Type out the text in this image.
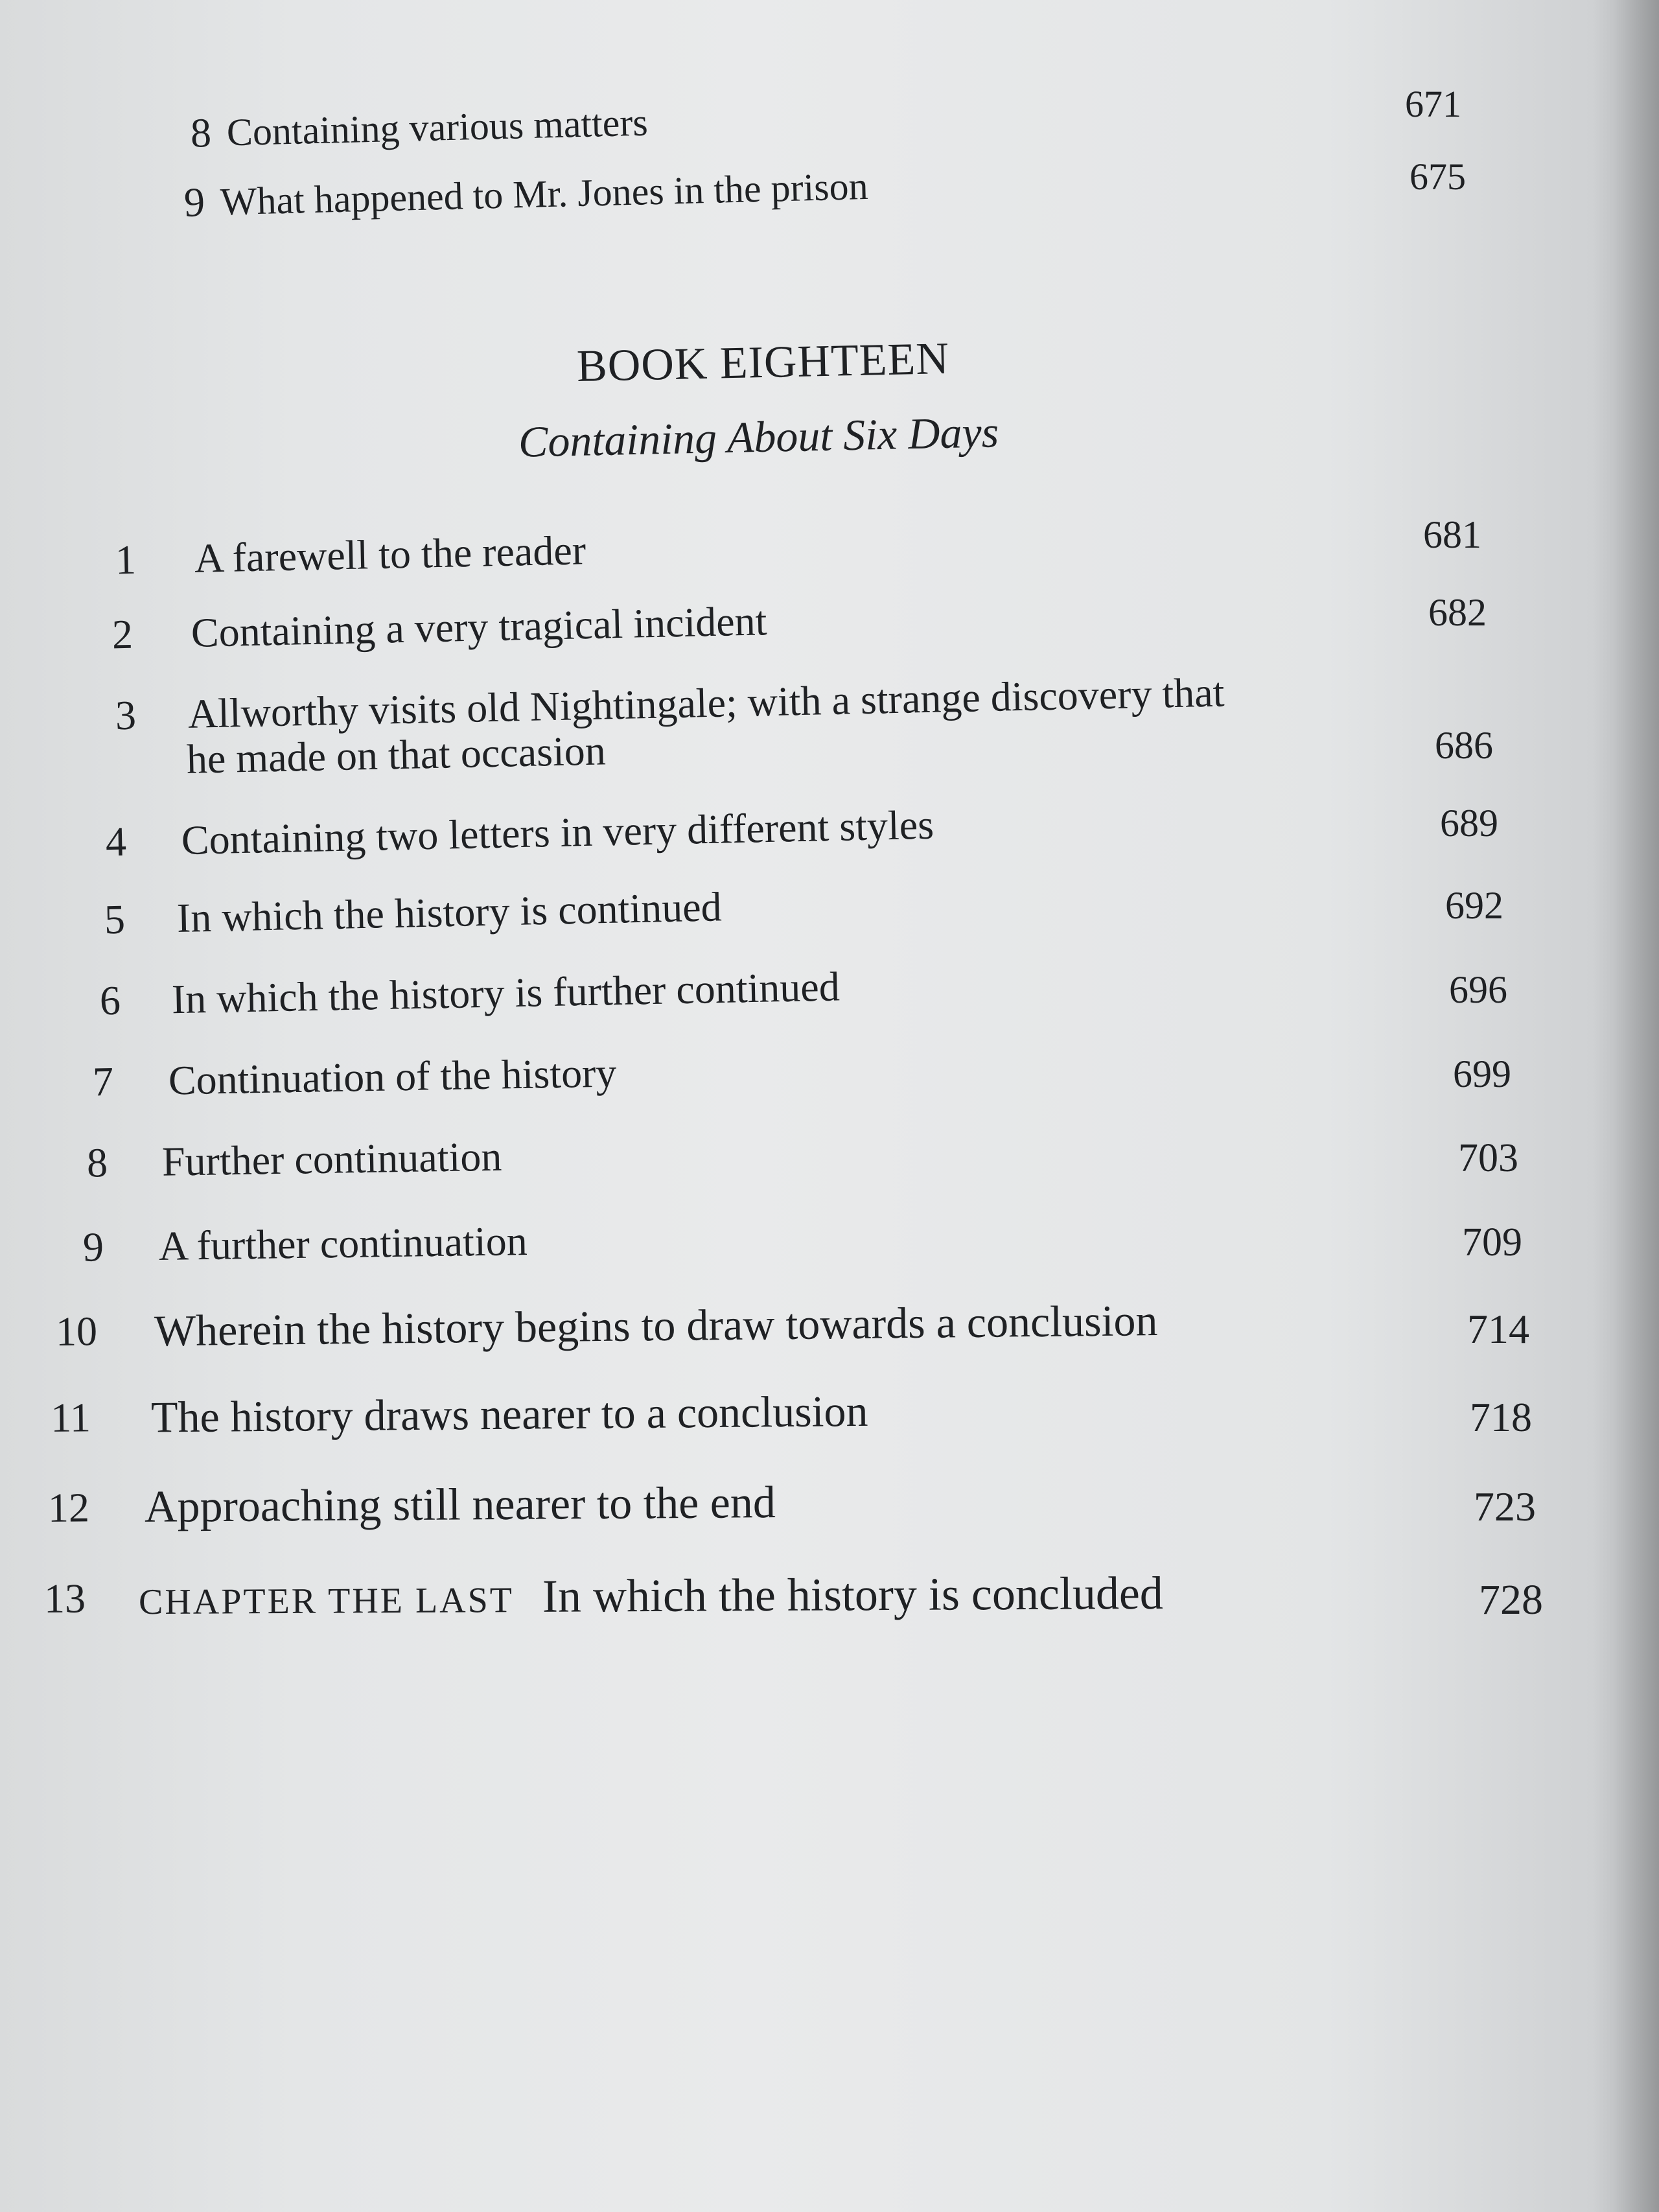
8 Containing various matters	671
9 What happened to Mr. Jones in the prison	675
BOOK EIGHTEEN
Containing About Six Days
1 A farewell to the reader	681
2 Containing a very tragical incident	682
3 Allworthy visits old Nightingale; with a strange discovery that
he made on that occasion	686
4 Containing two letters in very different styles	689
5 In which the history is continued	692
6 In which the history is further continued	696
7 Continuation of the history	699
8 Further continuation	703
9 A further continuation	709
10 Wherein the history begins to draw towards a conclusion	714
11 The history draws nearer to a conclusion	718
12 Approaching still nearer to the end	723
13 CHAPTER THE LAST In which the history is concluded	728
